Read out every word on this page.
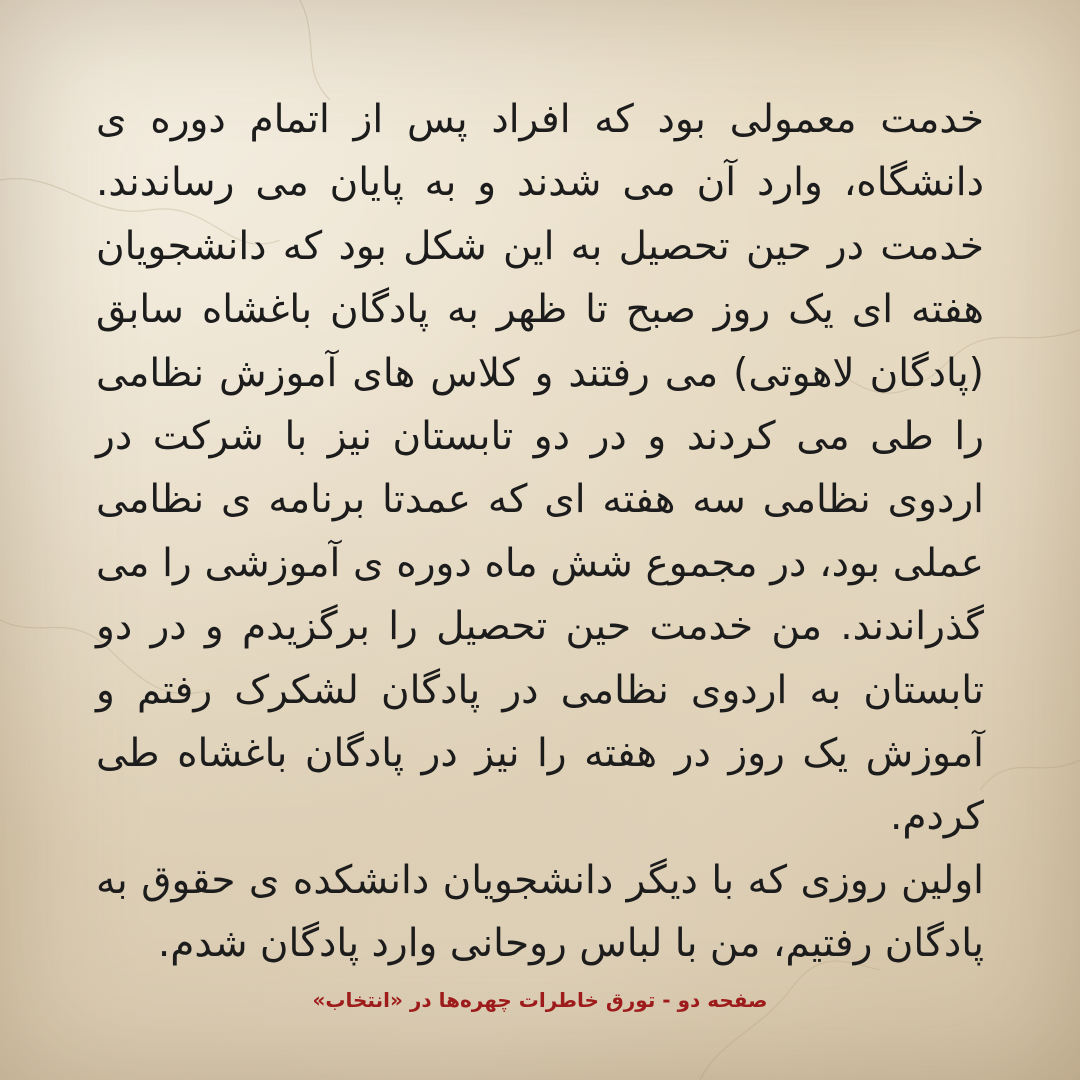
خدمت معمولی بود که افراد پس از اتمام دوره ی دانشگاه، وارد آن می شدند و به پایان می رساندند. خدمت در حین تحصیل به این شکل بود که دانشجویان هفته ای یک روز صبح تا ظهر به پادگان باغشاه سابق (پادگان لاهوتی) می رفتند و کلاس های آموزش نظامی را طی می کردند و در دو تابستان نیز با شرکت در اردوی نظامی سه هفته ای که عمدتا برنامه ی نظامی عملی بود، در مجموع شش ماه دوره ی آموزشی را می گذراندند. من خدمت حین تحصیل را برگزیدم و در دو تابستان به اردوی نظامی در پادگان لشکرک رفتم و آموزش یک روز در هفته را نیز در پادگان باغشاه طی کردم.

اولین روزی که با دیگر دانشجویان دانشکده ی حقوق به پادگان رفتیم، من با لباس روحانی وارد پادگان شدم.

صفحه دو - تورق خاطرات چهره‌ها در «انتخاب»
